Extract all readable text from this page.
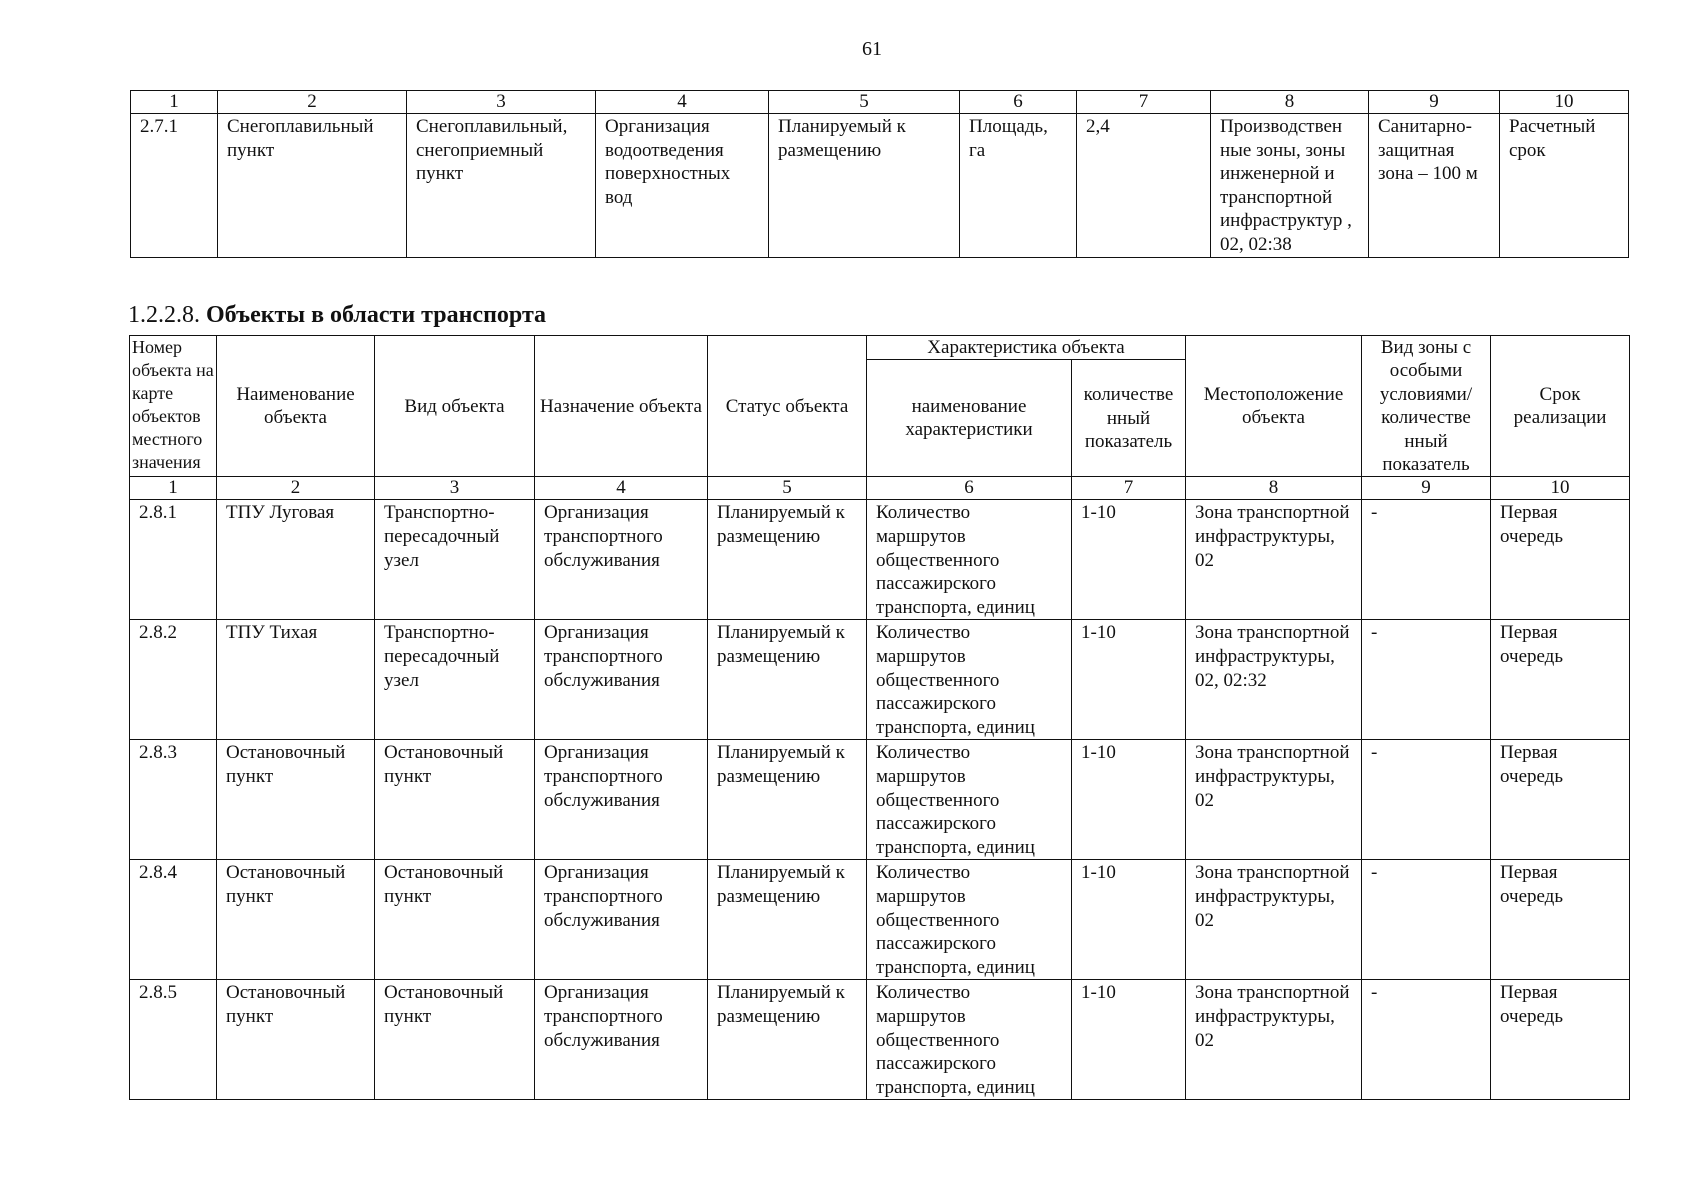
61
1	2	3	4	5	6	7	8	9	10
2.7.1	Снегоплавильный пункт	Снегоплавильный, снегоприемный пункт	Организация водоотведения поверхностных вод	Планируемый к размещению	Площадь, га	2,4	Производствен ные зоны, зоны инженерной и транспортной инфраструктур , 02, 02:38	Санитарно-защитная зона – 100 м	Расчетный срок
1.2.2.8. Объекты в области транспорта
Номер объекта на карте объектов местного значения	Наименование объекта	Вид объекта	Назначение объекта	Статус объекта	Характеристика объекта		Местоположение объекта	Вид зоны с особыми условиями/ количестве нный показатель	Срок реализации
					наименование характеристики	количестве нный показатель			
1	2	3	4	5	6	7	8	9	10
2.8.1	ТПУ Луговая	Транспортно-пересадочный узел	Организация транспортного обслуживания	Планируемый к размещению	Количество маршрутов общественного пассажирского транспорта, единиц	1-10	Зона транспортной инфраструктуры, 02	-	Первая очередь
2.8.2	ТПУ Тихая	Транспортно-пересадочный узел	Организация транспортного обслуживания	Планируемый к размещению	Количество маршрутов общественного пассажирского транспорта, единиц	1-10	Зона транспортной инфраструктуры, 02, 02:32	-	Первая очередь
2.8.3	Остановочный пункт	Остановочный пункт	Организация транспортного обслуживания	Планируемый к размещению	Количество маршрутов общественного пассажирского транспорта, единиц	1-10	Зона транспортной инфраструктуры, 02	-	Первая очередь
2.8.4	Остановочный пункт	Остановочный пункт	Организация транспортного обслуживания	Планируемый к размещению	Количество маршрутов общественного пассажирского транспорта, единиц	1-10	Зона транспортной инфраструктуры, 02	-	Первая очередь
2.8.5	Остановочный пункт	Остановочный пункт	Организация транспортного обслуживания	Планируемый к размещению	Количество маршрутов общественного пассажирского транспорта, единиц	1-10	Зона транспортной инфраструктуры, 02	-	Первая очередь
